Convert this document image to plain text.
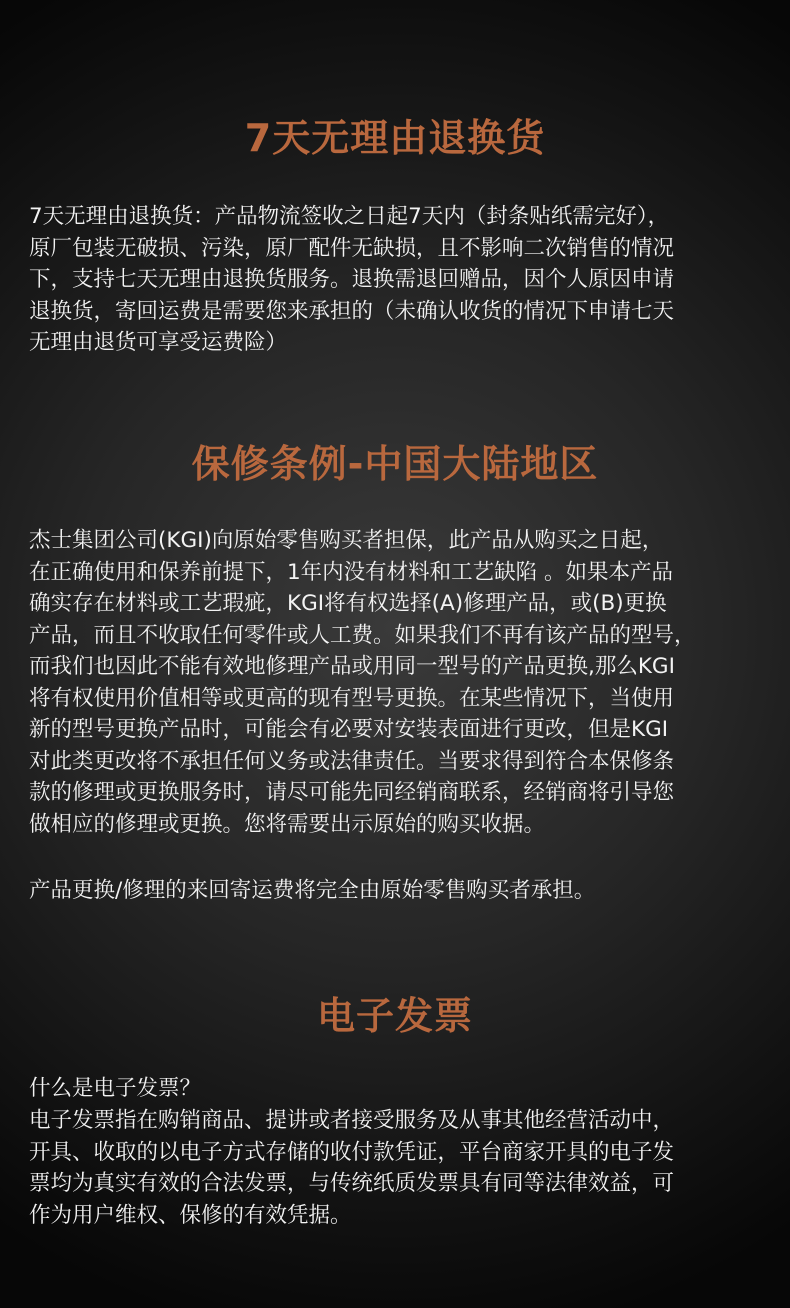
7天无理由退换货

7天无理由退换货：产品物流签收之日起7天内（封条贴纸需完好），
原厂包装无破损、污染，原厂配件无缺损，且不影响二次销售的情况
下，支持七天无理由退换货服务。退换需退回赠品，因个人原因申请
退换货，寄回运费是需要您来承担的（未确认收货的情况下申请七天
无理由退货可享受运费险）

保修条例-中国大陆地区

杰士集团公司(KGI)向原始零售购买者担保，此产品从购买之日起，
在正确使用和保养前提下，1年内没有材料和工艺缺陷 。如果本产品
确实存在材料或工艺瑕疵，KGI将有权选择(A)修理产品，或(B)更换
产品，而且不收取任何零件或人工费。如果我们不再有该产品的型号，
而我们也因此不能有效地修理产品或用同一型号的产品更换,那么KGI
将有权使用价值相等或更高的现有型号更换。在某些情况下，当使用
新的型号更换产品时，可能会有必要对安装表面进行更改，但是KGI
对此类更改将不承担任何义务或法律责任。当要求得到符合本保修条
款的修理或更换服务时，请尽可能先同经销商联系，经销商将引导您
做相应的修理或更换。您将需要出示原始的购买收据。

产品更换/修理的来回寄运费将完全由原始零售购买者承担。

电子发票

什么是电子发票？

电子发票指在购销商品、提讲或者接受服务及从事其他经营活动中，
开具、收取的以电子方式存储的收付款凭证，平台商家开具的电子发
票均为真实有效的合法发票，与传统纸质发票具有同等法律效益，可
作为用户维权、保修的有效凭据。
